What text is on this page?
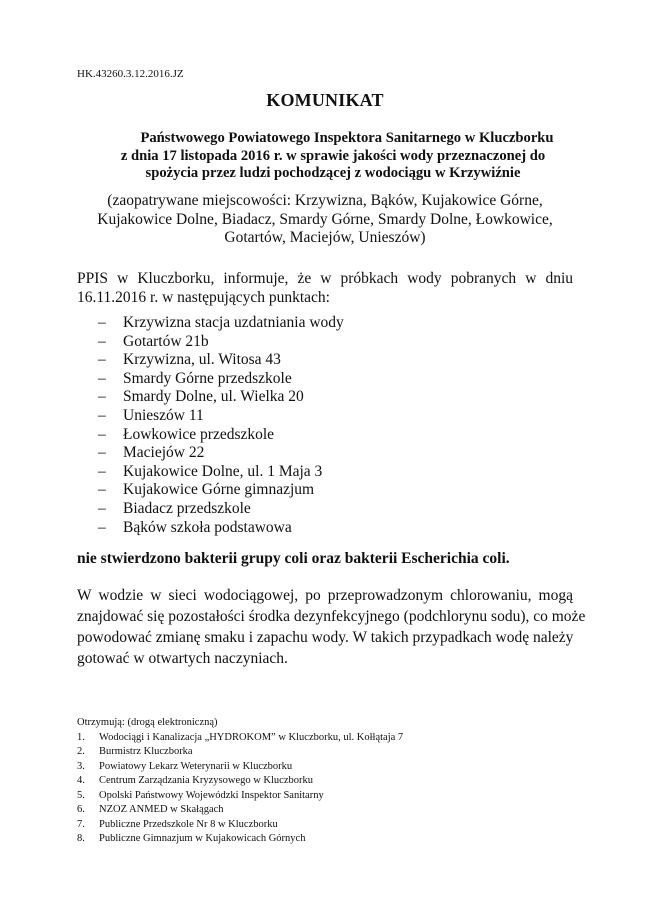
HK.43260.3.12.2016.JZ
KOMUNIKAT
Państwowego Powiatowego Inspektora Sanitarnego w Kluczborku
z dnia 17 listopada 2016 r. w sprawie jakości wody przeznaczonej do
spożycia przez ludzi pochodzącej z wodociągu w Krzywiźnie
(zaopatrywane miejscowości: Krzywizna, Bąków, Kujakowice Górne,
Kujakowice Dolne, Biadacz, Smardy Górne, Smardy Dolne, Łowkowice,
Gotartów, Maciejów, Unieszów)
PPIS w Kluczborku, informuje, że w próbkach wody pobranych w dniu
16.11.2016 r. w następujących punktach:
– Krzywizna stacja uzdatniania wody
– Gotartów 21b
– Krzywizna, ul. Witosa 43
– Smardy Górne przedszkole
– Smardy Dolne, ul. Wielka 20
– Unieszów 11
– Łowkowice przedszkole
– Maciejów 22
– Kujakowice Dolne, ul. 1 Maja 3
– Kujakowice Górne gimnazjum
– Biadacz przedszkole
– Bąków szkoła podstawowa
nie stwierdzono bakterii grupy coli oraz bakterii Escherichia coli.
W wodzie w sieci wodociągowej, po przeprowadzonym chlorowaniu, mogą
znajdować się pozostałości środka dezynfekcyjnego (podchlorynu sodu), co może
powodować zmianę smaku i zapachu wody. W takich przypadkach wodę należy
gotować w otwartych naczyniach.
Otrzymują: (drogą elektroniczną)
1. Wodociągi i Kanalizacja „HYDROKOM” w Kluczborku, ul. Kołłątaja 7
2. Burmistrz Kluczborka
3. Powiatowy Lekarz Weterynarii w Kluczborku
4. Centrum Zarządzania Kryzysowego w Kluczborku
5. Opolski Państwowy Wojewódzki Inspektor Sanitarny
6. NZOZ ANMED w Skałągach
7. Publiczne Przedszkole Nr 8 w Kluczborku
8. Publiczne Gimnazjum w Kujakowicach Górnych
